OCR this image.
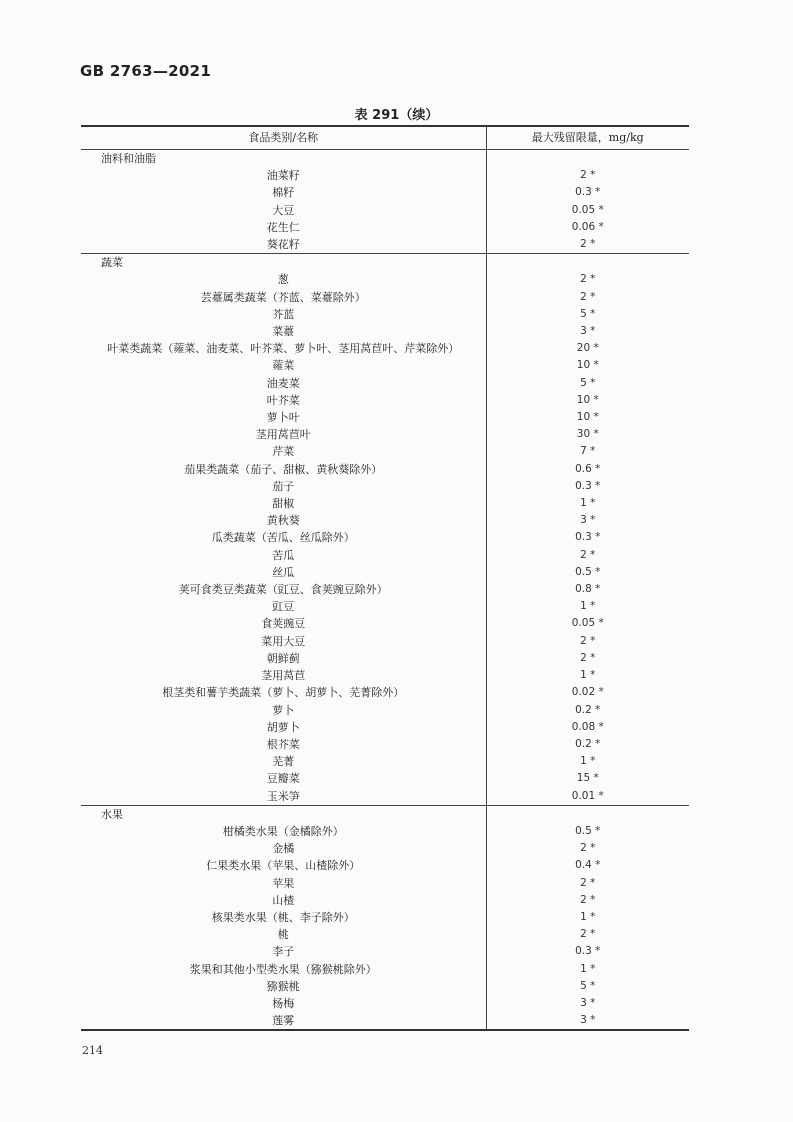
GB 2763—2021
表 291（续）
食品类别/名称	最大残留限量，mg/kg
油料和油脂	
油菜籽	2 *
棉籽	0.3 *
大豆	0.05 *
花生仁	0.06 *
葵花籽	2 *
蔬菜	
葱	2 *
芸薹属类蔬菜（芥蓝、菜薹除外）	2 *
芥蓝	5 *
菜薹	3 *
叶菜类蔬菜（蕹菜、油麦菜、叶芥菜、萝卜叶、茎用莴苣叶、芹菜除外）	20 *
蕹菜	10 *
油麦菜	5 *
叶芥菜	10 *
萝卜叶	10 *
茎用莴苣叶	30 *
芹菜	7 *
茄果类蔬菜（茄子、甜椒、黄秋葵除外）	0.6 *
茄子	0.3 *
甜椒	1 *
黄秋葵	3 *
瓜类蔬菜（苦瓜、丝瓜除外）	0.3 *
苦瓜	2 *
丝瓜	0.5 *
荚可食类豆类蔬菜（豇豆、食荚豌豆除外）	0.8 *
豇豆	1 *
食荚豌豆	0.05 *
菜用大豆	2 *
朝鲜蓟	2 *
茎用莴苣	1 *
根茎类和薯芋类蔬菜（萝卜、胡萝卜、芜菁除外）	0.02 *
萝卜	0.2 *
胡萝卜	0.08 *
根芥菜	0.2 *
芜菁	1 *
豆瓣菜	15 *
玉米笋	0.01 *
水果	
柑橘类水果（金橘除外）	0.5 *
金橘	2 *
仁果类水果（苹果、山楂除外）	0.4 *
苹果	2 *
山楂	2 *
核果类水果（桃、李子除外）	1 *
桃	2 *
李子	0.3 *
浆果和其他小型类水果（猕猴桃除外）	1 *
猕猴桃	5 *
杨梅	3 *
莲雾	3 *
214
